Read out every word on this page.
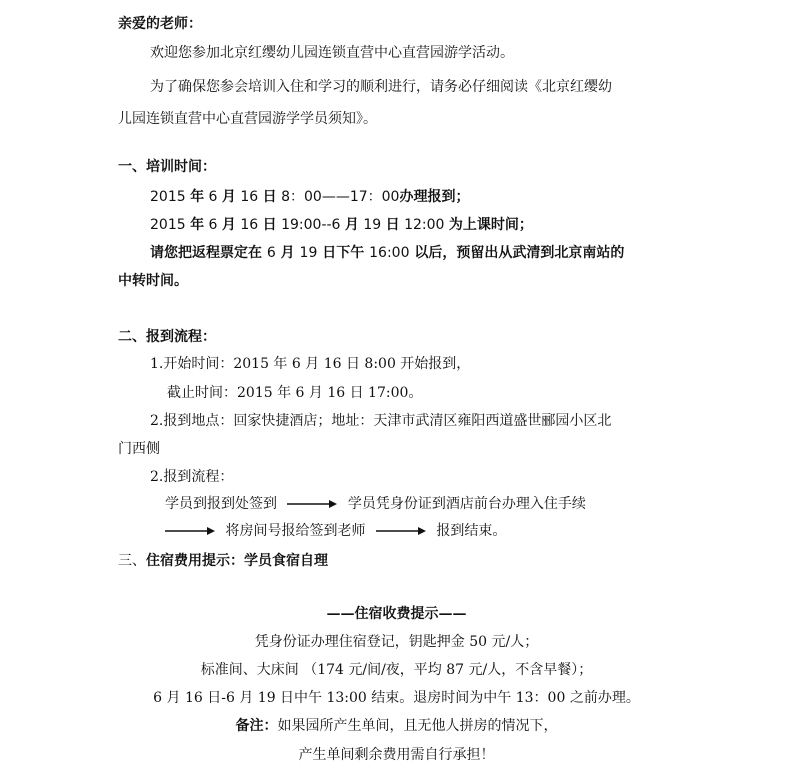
亲爱的老师：
欢迎您参加北京红缨幼儿园连锁直营中心直营园游学活动。
为了确保您参会培训入住和学习的顺利进行，请务必仔细阅读《北京红缨幼
儿园连锁直营中心直营园游学学员须知》。
一、培训时间：
2015 年 6 月 16 日 8：00——17：00办理报到；
2015 年 6 月 16 日 19:00--6 月 19 日 12:00 为上课时间；
请您把返程票定在 6 月 19 日下午 16:00 以后，预留出从武清到北京南站的
中转时间。
二、报到流程：
1.开始时间：2015 年 6 月 16 日 8:00 开始报到，
截止时间：2015 年 6 月 16 日 17:00。
2.报到地点：回家快捷酒店；地址：天津市武清区雍阳西道盛世郦园小区北
门西侧
2.报到流程：
学员到报到处签到	学员凭身份证到酒店前台办理入住手续
将房间号报给签到老师	报到结束。
三、住宿费用提示：学员食宿自理
——住宿收费提示——
凭身份证办理住宿登记，钥匙押金 50 元/人；
标准间、大床间 （174 元/间/夜，平均 87 元/人，不含早餐）；
6 月 16 日-6 月 19 日中午 13:00 结束。退房时间为中午 13：00 之前办理。
备注：如果园所产生单间，且无他人拼房的情况下，
产生单间剩余费用需自行承担！
